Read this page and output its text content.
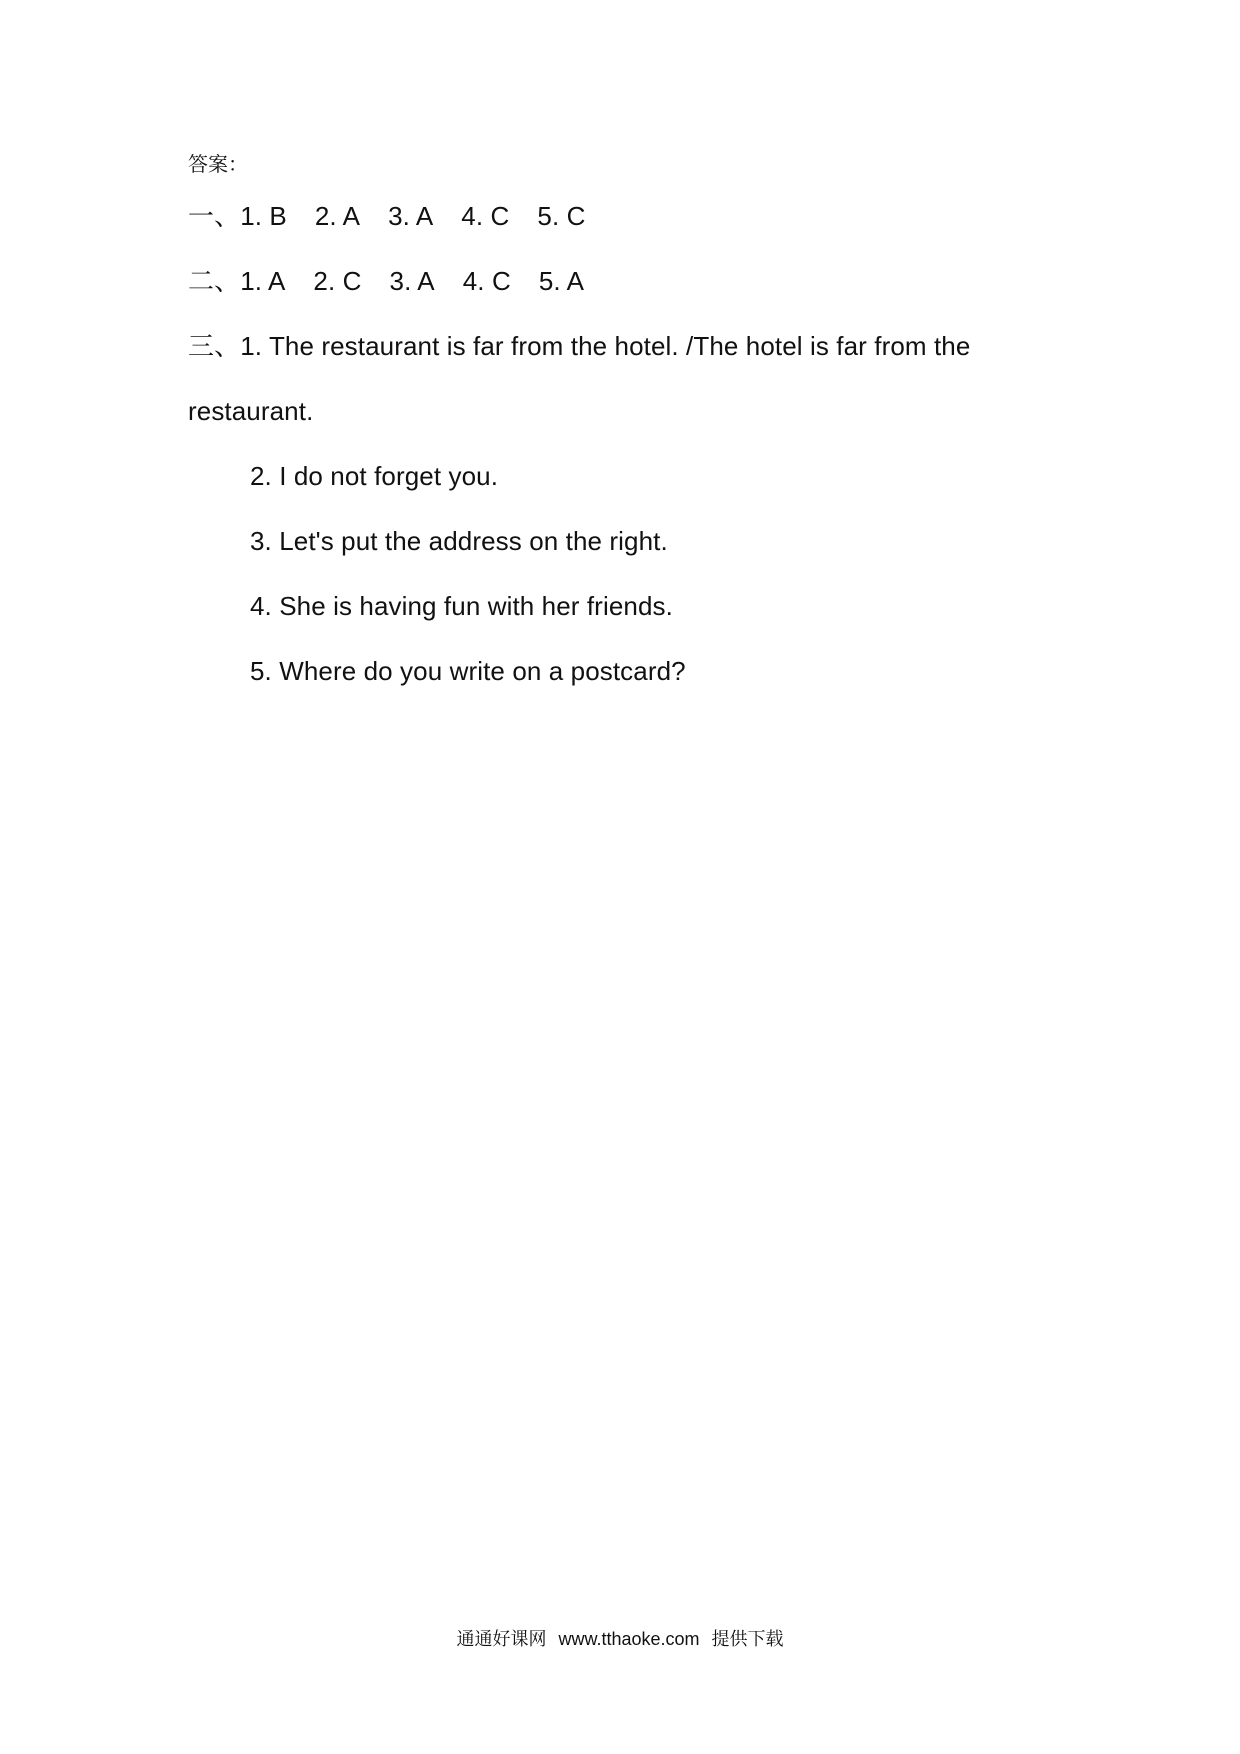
答案：
一、 1. B 2. A 3. A 4. C 5. C
二、 1. A 2. C 3. A 4. C 5. A
三、1. The restaurant is far from the hotel. /The hotel is far from the
restaurant.
2. I do not forget you.
3. Let's put the address on the right.
4. She is having fun with her friends.
5. Where do you write on a postcard?
通通好课网 www.tthaoke.com 提供下载
